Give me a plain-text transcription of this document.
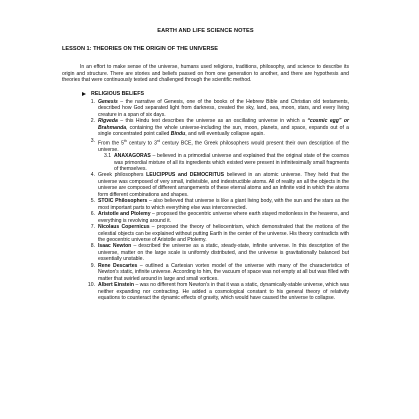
EARTH AND LIFE SCIENCE NOTES
LESSON 1: THEORIES ON THE ORIGIN OF THE UNIVERSE

In an effort to make sense of the universe, humans used religions, traditions, philosophy, and science to describe its origin and structure. There are stories and beliefs passed on from one generation to another, and there are hypothesis and theories that were continuously tested and challenged through the scientific method.

RELIGIOUS BELIEFS
1. Genesis – the narrative of Genesis, one of the books of the Hebrew Bible and Christian old testaments, described how God separated light from darkness, created the sky, land, sea, moon, stars, and every living creature in a span of six days.
2. Rigveda – this Hindu text describes the universe as an oscillating universe in which a “cosmic egg” or Brahmanda, containing the whole universe-including the sun, moon, planets, and space, expands out of a single concentrated point called Bindu, and will eventually collapse again.
3. From the 5th century to 3rd century BCE, the Greek philosophers would present their own description of the universe.
3.1 ANAXAGORAS – believed in a primordial universe and explained that the original state of the cosmos was primordial mixture of all its ingredients which existed were present in infinitesimally small fragments of themselves.
4. Greek philosophers LEUCIPPUS and DEMOCRITUS believed in an atomic universe. They held that the universe was composed of very small, indivisible, and indestructible atoms. All of reality an all the objects in the universe are composed of different arrangements of these eternal atoms and an infinite void in which the atoms form different combinations and shapes.
5. STOIC Philosophers – also believed that universe is like a giant living body, with the sun and the stars as the most important parts to which everything else was interconnected.
6. Aristotle and Ptolemy – proposed the geocentric universe where earth stayed motionless in the heavens, and everything is revolving around it.
7. Nicolaus Copernicus – proposed the theory of heliocentrism, which demonstrated that the motions of the celestial objects can be explained without putting Earth in the center of the universe. His theory contradicts with the geocentric universe of Aristotle and Ptolemy.
8. Isaac Newton – described the universe as a static, steady-state, infinite universe. In this description of the universe, matter on the large scale is uniformly distributed, and the universe is gravitationally balanced but essentially unstable.
9. Rene Descartes – outlined a Cartesian vortex model of the universe with many of the characteristics of Newton's static, infinite universe. According to him, the vacuum of space was not empty at all but was filled with matter that swirled around in large and small vortices.
10. Albert Einstein – was no different from Newton's in that it was a static, dynamically-stable universe, which was neither expanding nor contracting. He added a cosmological constant to his general theory of relativity equations to counteract the dynamic effects of gravity, which would have caused the universe to collapse.
